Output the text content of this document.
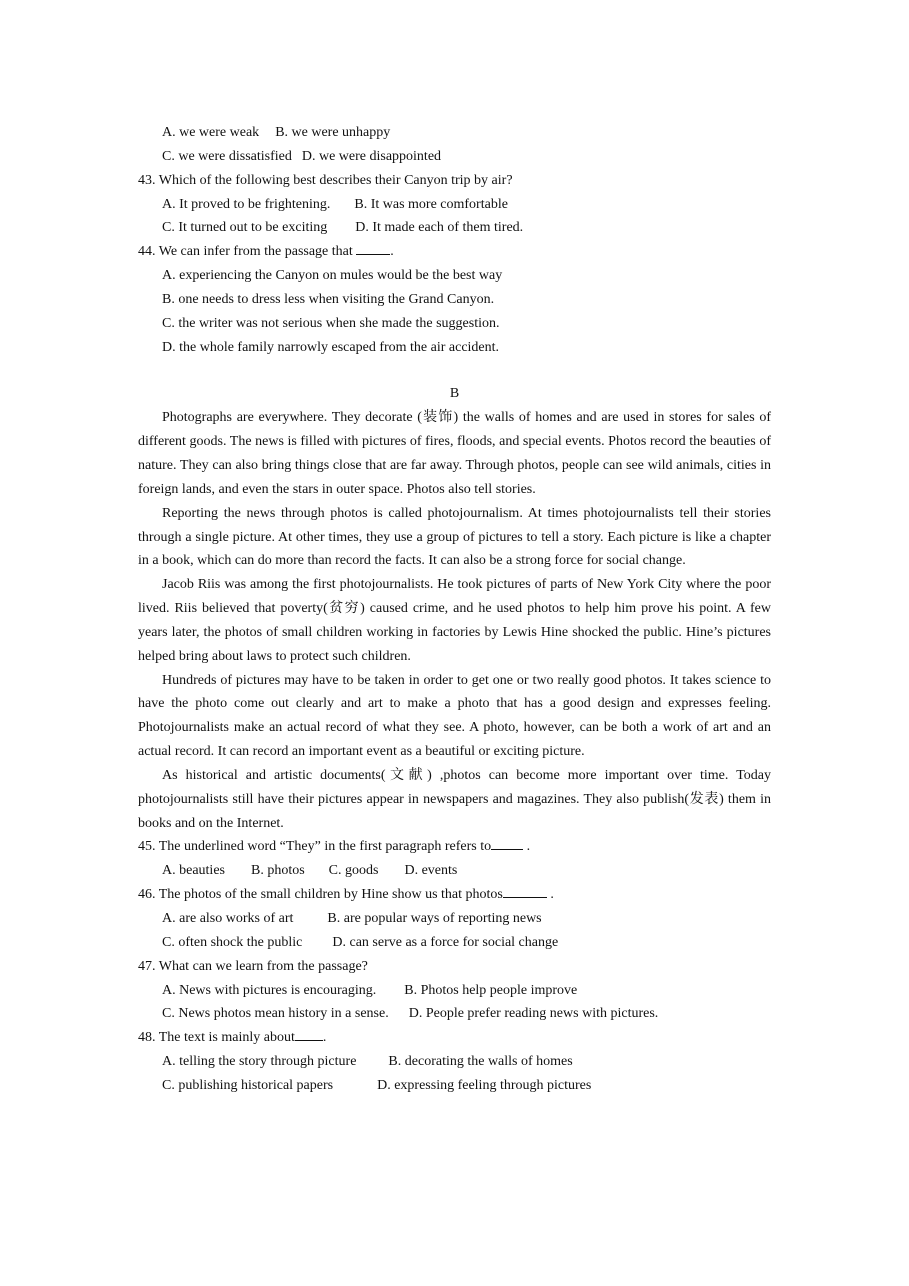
A. we were weak B. we were unhappy
C. we were dissatisfied D. we were disappointed
43. Which of the following best describes their Canyon trip by air?
A. It proved to be frightening. B. It was more comfortable
C. It turned out to be exciting D. It made each of them tired.
44. We can infer from the passage that	.
A. experiencing the Canyon on mules would be the best way
B. one needs to dress less when visiting the Grand Canyon.
C. the writer was not serious when she made the suggestion.
D. the whole family narrowly escaped from the air accident.
B

Photographs are everywhere. They decorate (装饰) the walls of homes and are used in stores for sales of different goods. The news is filled with pictures of fires, floods, and special events. Photos record the beauties of nature. They can also bring things close that are far away. Through photos, people can see wild animals, cities in foreign lands, and even the stars in outer space. Photos also tell stories.

Reporting the news through photos is called photojournalism. At times photojournalists tell their stories through a single picture. At other times, they use a group of pictures to tell a story. Each picture is like a chapter in a book, which can do more than record the facts. It can also be a strong force for social change.

Jacob Riis was among the first photojournalists. He took pictures of parts of New York City where the poor lived. Riis believed that poverty(贫穷) caused crime, and he used photos to help him prove his point. A few years later, the photos of small children working in factories by Lewis Hine shocked the public. Hine’s pictures helped bring about laws to protect such children.

Hundreds of pictures may have to be taken in order to get one or two really good photos. It takes science to have the photo come out clearly and art to make a photo that has a good design and expresses feeling. Photojournalists make an actual record of what they see. A photo, however, can be both a work of art and an actual record. It can record an important event as a beautiful or exciting picture.

As historical and artistic documents(文献) ,photos can become more important over time. Today photojournalists still have their pictures appear in newspapers and magazines. They also publish(发表) them in books and on the Internet.

45. The underlined word “They” in the first paragraph refers to .
A. beauties B. photos C. goods D. events
46. The photos of the small children by Hine show us that photos	.
A. are also works of art B. are popular ways of reporting news
C. often shock the public D. can serve as a force for social change
47. What can we learn from the passage?
A. News with pictures is encouraging. B. Photos help people improve
C. News photos mean history in a sense. D. People prefer reading news with pictures.
48. The text is mainly about .
A. telling the story through picture B. decorating the walls of homes
C. publishing historical papers	D. expressing feeling through pictures
